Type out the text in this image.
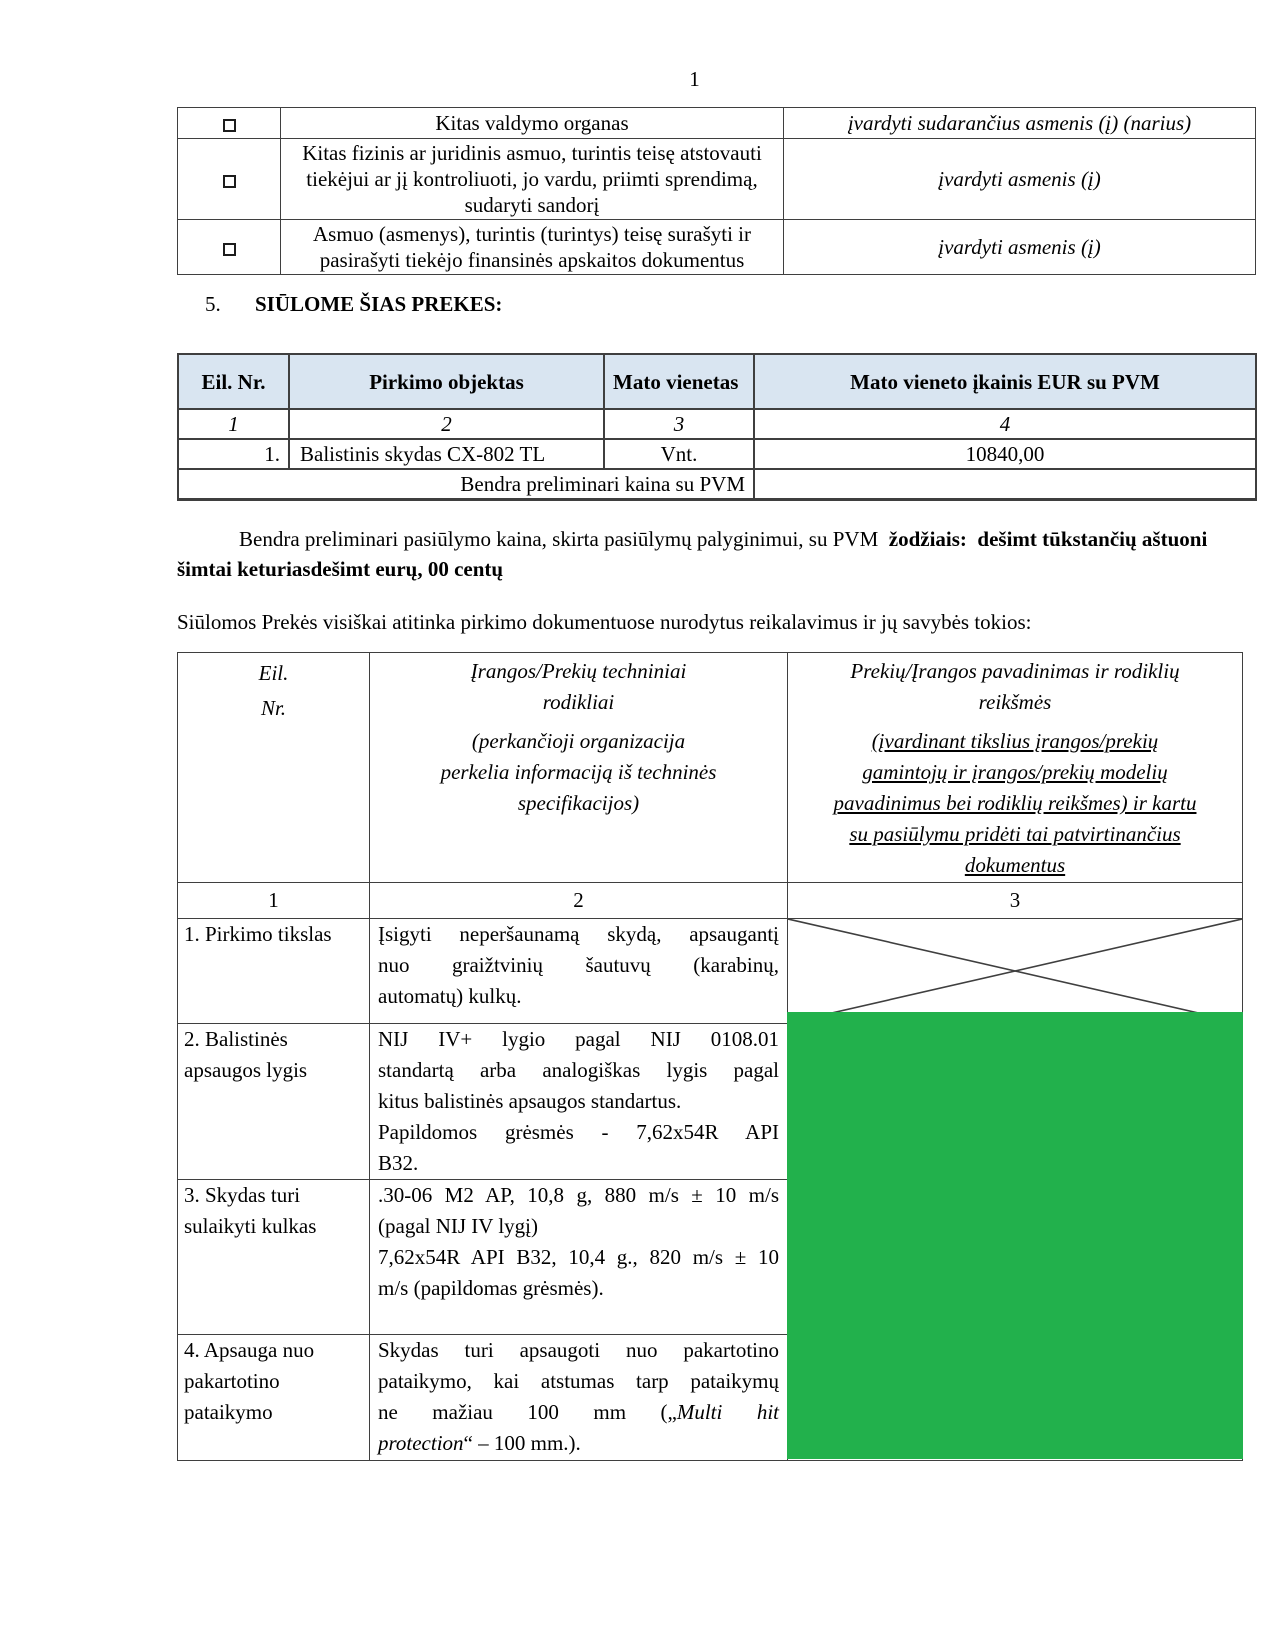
1
	Kitas valdymo organas	įvardyti sudarančius asmenis (į) (narius)
	Kitas fizinis ar juridinis asmuo, turintis teisę atstovauti tiekėjui ar jį kontroliuoti, jo vardu, priimti sprendimą, sudaryti sandorį	įvardyti asmenis (į)
	Asmuo (asmenys), turintis (turintys) teisę surašyti ir pasirašyti tiekėjo finansinės apskaitos dokumentus	įvardyti asmenis (į)
5. SIŪLOME ŠIAS PREKES:
Eil. Nr.	Pirkimo objektas	Mato vienetas	Mato vieneto įkainis EUR su PVM
1	2	3	4
1.	Balistinis skydas CX-802 TL	Vnt.	10840,00
Bendra preliminari kaina su PVM			
Bendra preliminari pasiūlymo kaina, skirta pasiūlymų palyginimui, su PVM  žodžiais:  dešimt tūkstančių aštuoni šimtai keturiasdešimt eurų, 00 centų
Siūlomos Prekės visiškai atitinka pirkimo dokumentuose nurodytus reikalavimus ir jų savybės tokios:
Eil.
Nr.

Įrangos/Prekių techniniai
rodikliai
(perkančioji organizacija
perkelia informaciją iš techninės
specifikacijos)

Prekių/Įrangos pavadinimas ir rodiklių
reikšmės
(įvardinant tikslius įrangos/prekių
gamintojų ir įrangos/prekių modelių
pavadinimus bei rodiklių reikšmes) ir kartu
su pasiūlymu pridėti tai patvirtinančius
dokumentus

1	2	3
1. Pirkimo tikslas	Įsigyti neperšaunamą skydą, apsaugantį
nuo graižtvinių šautuvų (karabinų,
automatų) kulkų.

2. Balistinės apsaugos lygis	NIJ IV+ lygio pagal NIJ 0108.01
standartą arba analogiškas lygis pagal
kitus balistinės apsaugos standartus.
Papildomos grėsmės - 7,62x54R API
B32.	

3. Skydas turi sulaikyti kulkas	.30-06 M2 AP, 10,8 g, 880 m/s ± 10 m/s
(pagal NIJ IV lygį)
7,62x54R API B32, 10,4 g., 820 m/s ± 10
m/s (papildomas grėsmės).	

4. Apsauga nuo pakartotino pataikymo	Skydas turi apsaugoti nuo pakartotino
pataikymo, kai atstumas tarp pataikymų
ne mažiau 100 mm („Multi hit
protection“ – 100 mm.).	
